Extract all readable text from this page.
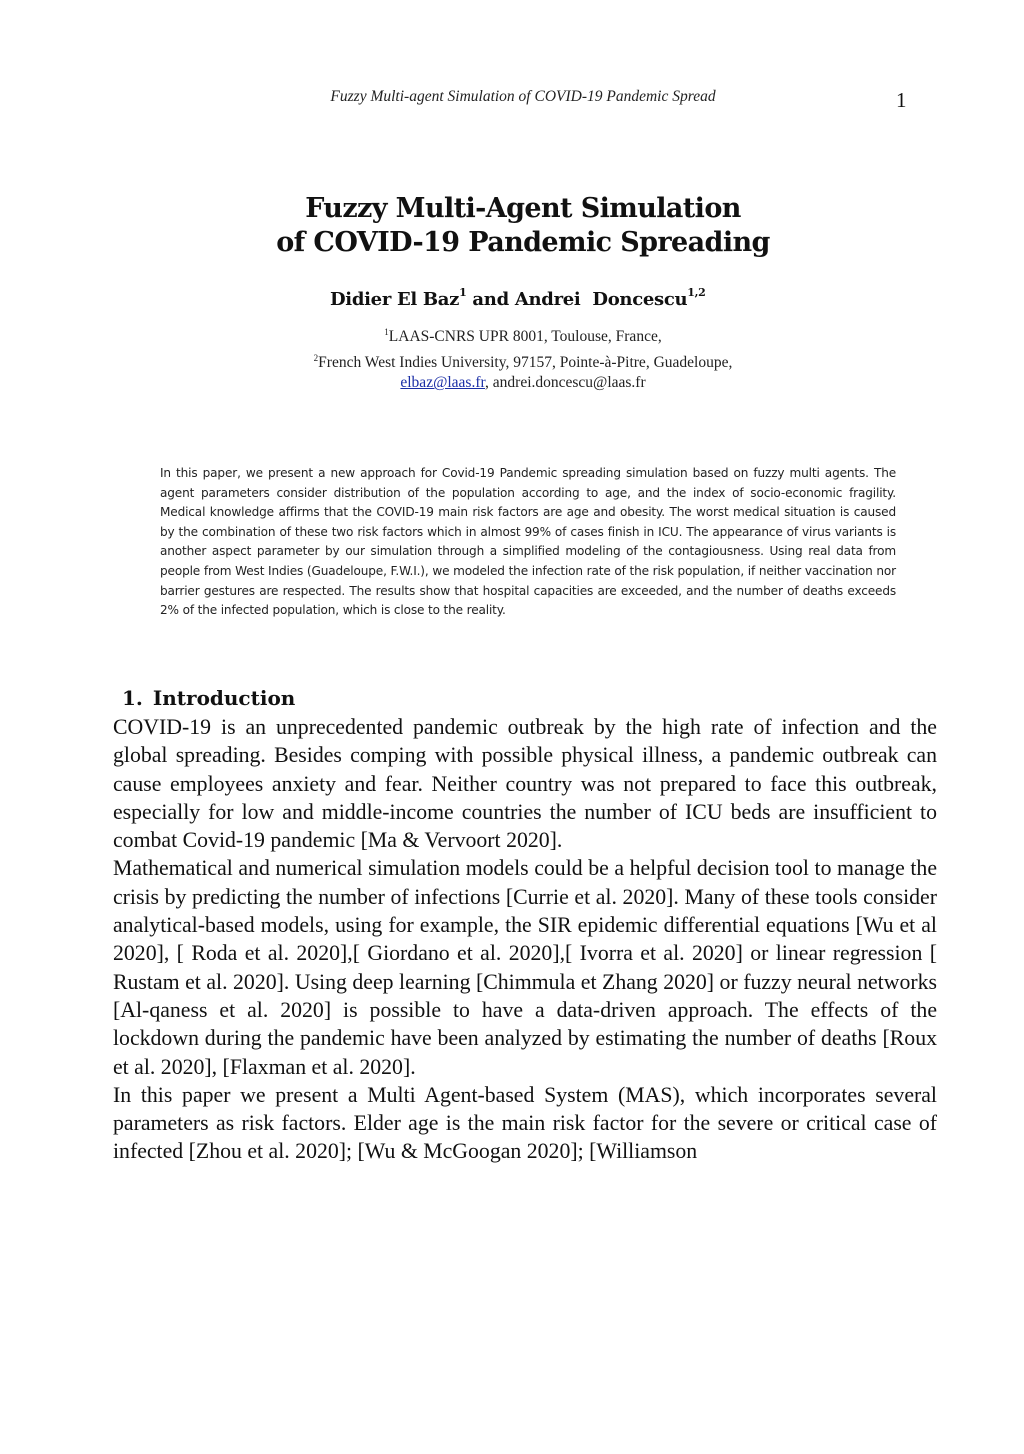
Fuzzy Multi-agent Simulation of COVID-19 Pandemic Spread	1
Fuzzy Multi-Agent Simulation
of COVID-19 Pandemic Spreading
Didier El Baz$^1$ and Andrei  Doncescu$^{1,2}$
$^1$LAAS-CNRS UPR 8001, Toulouse, France,
$^2$French West Indies University, 97157, Pointe-à-Pitre, Guadeloupe,
elbaz@laas.fr, andrei.doncescu@laas.fr
In this paper, we present a new approach for Covid-19 Pandemic spreading simulation based on fuzzy multi agents. The agent parameters consider distribution of the population according to age, and the index of socio-economic fragility. Medical knowledge affirms that the COVID-19 main risk factors are age and obesity. The worst medical situation is caused by the combination of these two risk factors which in almost 99% of cases finish in ICU. The appearance of virus variants is another aspect parameter by our simulation through a simplified modeling of the contagiousness. Using real data from people from West Indies (Guadeloupe, F.W.I.), we modeled the infection rate of the risk population, if neither vaccination nor barrier gestures are respected. The results show that hospital capacities are exceeded, and the number of deaths exceeds 2% of the infected population, which is close to the reality.
1. Introduction

COVID-19 is an unprecedented pandemic outbreak by the high rate of infection and the global spreading. Besides comping with possible physical illness, a pandemic outbreak can cause employees anxiety and fear. Neither country was not prepared to face this outbreak, especially for low and middle-income countries the number of ICU beds are insufficient to combat Covid-19 pandemic [Ma & Vervoort 2020].

Mathematical and numerical simulation models could be a helpful decision tool to manage the crisis by predicting the number of infections [Currie et al. 2020]. Many of these tools consider analytical-based models, using for example, the SIR epidemic differential equations [Wu et al 2020], [ Roda et al. 2020],[ Giordano et al. 2020],[ Ivorra et al. 2020] or linear regression [ Rustam et al. 2020]. Using deep learning [Chimmula et Zhang 2020] or fuzzy neural networks [Al-qaness et al. 2020] is possible to have a data-driven approach. The effects of the lockdown during the pandemic have been analyzed by estimating the number of deaths [Roux et al. 2020], [Flaxman et al. 2020].

In this paper we present a Multi Agent-based System (MAS), which incorporates several parameters as risk factors. Elder age is the main risk factor for the severe or critical case of infected [Zhou et al. 2020]; [Wu & McGoogan 2020]; [Williamson
